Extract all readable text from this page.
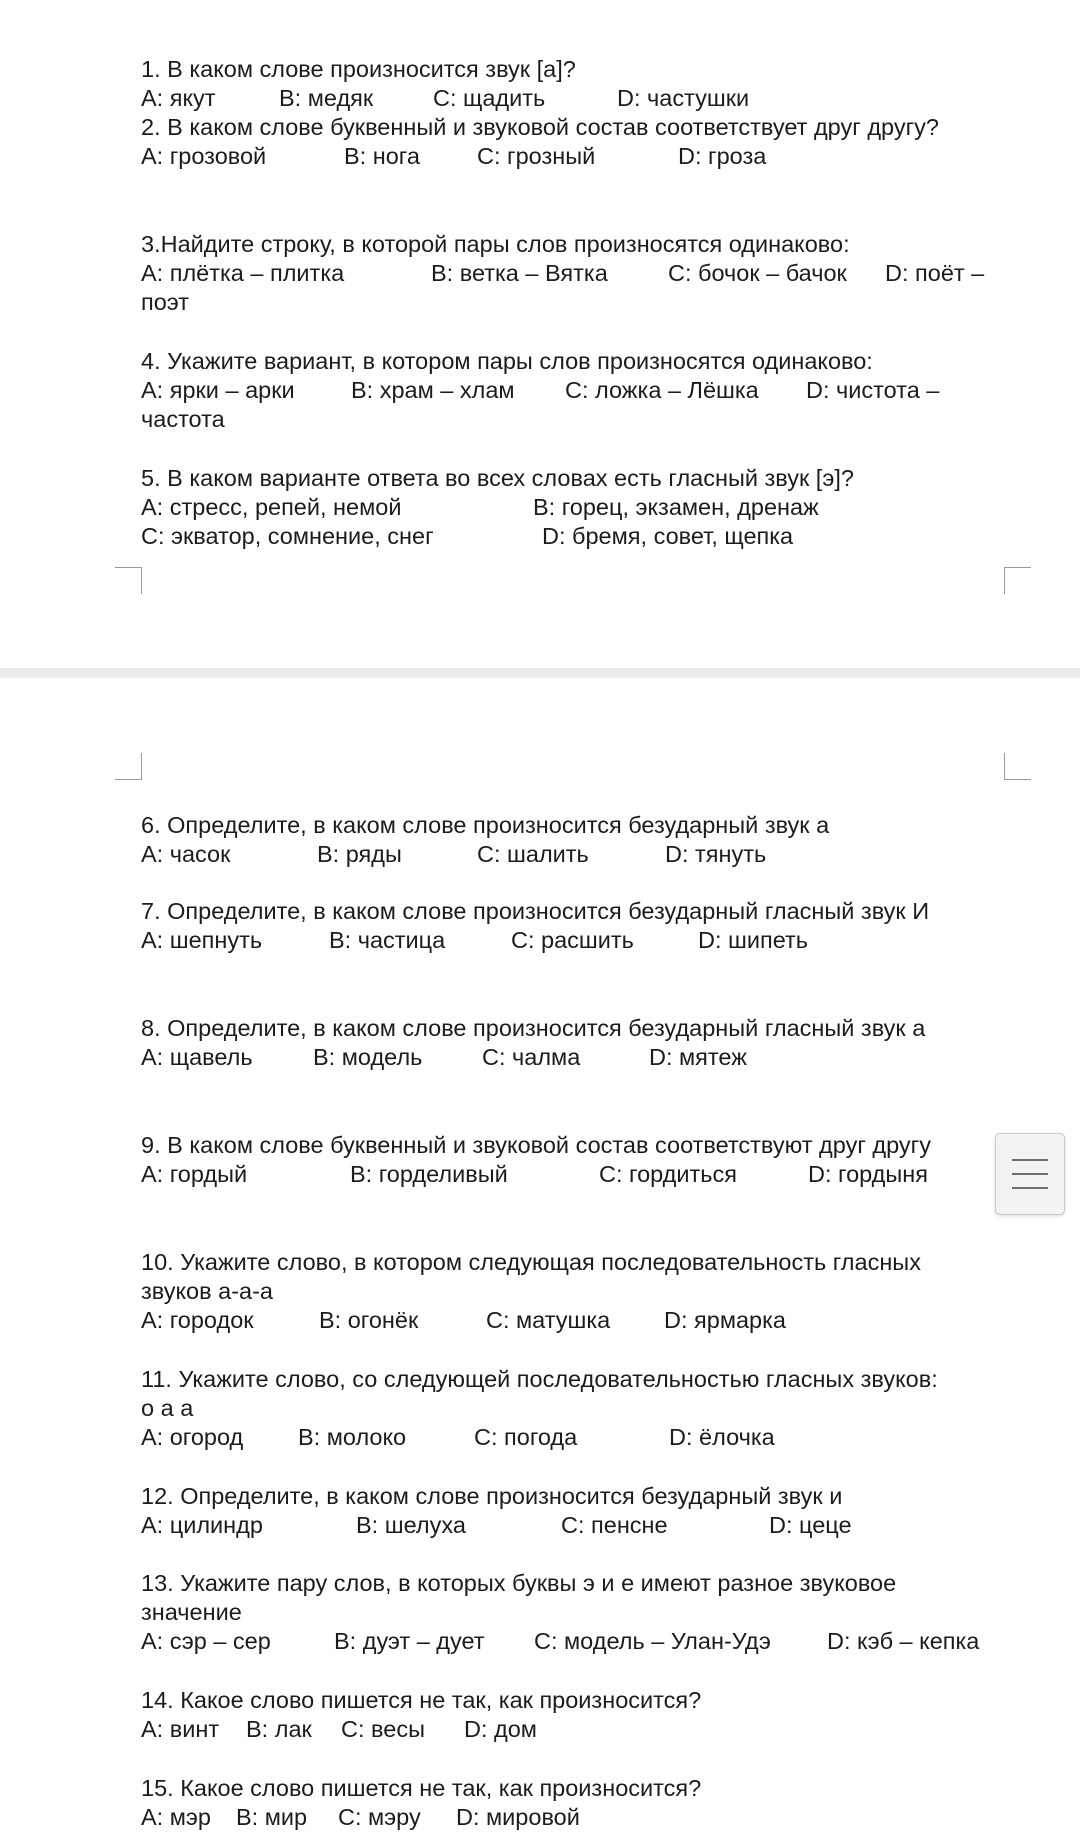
1. В каком слове произносится звук [а]?

А: якут	В: медяк	С: щадить	D: частушки

2. В каком слове буквенный и звуковой состав соответствует друг другу?

А: грозовой	В: нога С: грозный	D: гроза

3.Найдите строку, в которой пары слов произносятся одинаково:

А: плётка – плитка	В: ветка – Вятка	С: бочок – бачок D: поёт –
поэт

4. Укажите вариант, в котором пары слов произносятся одинаково:

А: ярки – арки В: храм – хлам С: ложка – Лёшка D: чистота –
частота

5. В каком варианте ответа во всех словах есть гласный звук [э]?

А: стресс, репей, немой	В: горец, экзамен, дренаж
С: экватор, сомнение, снег	D: бремя, совет, щепка

6. Определите, в каком слове произносится безударный звук а

А: часок	В: ряды	С: шалить	D: тянуть

7. Определите, в каком слове произносится безударный гласный звук И

А: шепнуть	В: частица	С: расшить	D: шипеть

8. Определите, в каком слове произносится безударный гласный звук а

А: щавель	В: модель	С: чалма	D: мятеж

9. В каком слове буквенный и звуковой состав соответствуют друг другу

А: гордый	В: горделивый	С: гордиться	D: гордыня

10. Укажите слово, в котором следующая последовательность гласных звуков а-а-а

А: городок	В: огонёк	С: матушка D: ярмарка

11. Укажите слово, со следующей последовательностью гласных звуков: о а а

А: огород В: молоко	С: погода	D: ёлочка

12. Определите, в каком слове произносится безударный звук и

А: цилиндр	В: шелуха	С: пенсне	D: цеце

13. Укажите пару слов, в которых буквы э и е имеют разное звуковое значение

А: сэр – сер	В: дуэт – дует С: модель – Улан-Удэ D: кэб – кепка

14. Какое слово пишется не так, как произносится?

А: винт В: лак С: весы D: дом

15. Какое слово пишется не так, как произносится?

А: мэр В: мир С: мэру D: мировой
